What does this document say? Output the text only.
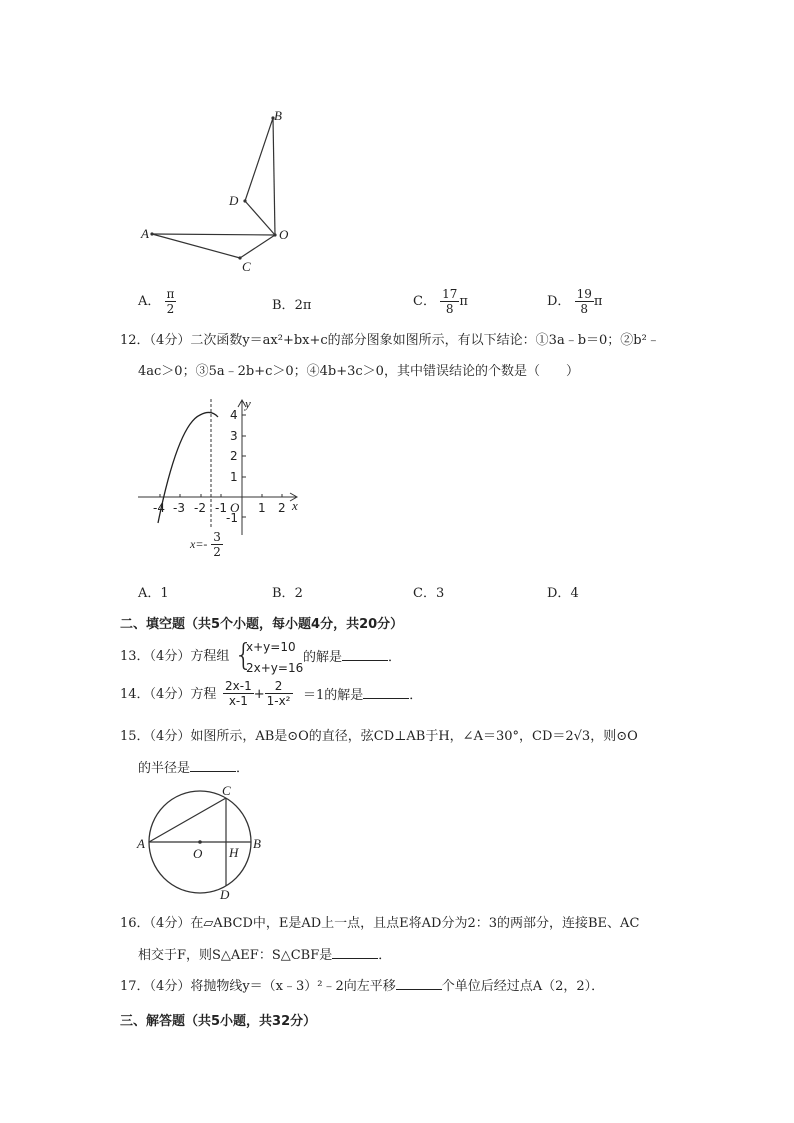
B
D
O
A
C
A． $\frac{\pi}{2}$	B．2π	C． $\frac{17}{8}$ π	D． $\frac{19}{8}$ π
12．（4分）二次函数y＝ax²+bx+c的部分图象如图所示，有以下结论：①3a﹣b＝0；②b²﹣
4ac＞0；③5a﹣2b+c＞0；④4b+3c＞0，其中错误结论的个数是（　　）
-4 -3 -2 -1	1 2 x
y
O
4
3
2
1
-1
$x=- \frac{3}{2}$
A．1	B．2	C．3	D．4
二、填空题（共5个小题，每小题4分，共20分）
13．（4分）方程组 {
x+y=10
2x+y=16
的解是	．
14．（4分）方程 $\frac{2x-1}{x-1} + \frac{2}{\text{1-x²}} =1$的解是	．
15．（4分）如图所示，AB是⊙O的直径，弦CD⊥AB于H，∠A＝30°，CD＝2√3，则⊙O
的半径是	．
C
A	B
O H
D
16．（4分）在▱ABCD中，E是AD上一点，且点E将AD分为2：3的两部分，连接BE、AC
相交于F，则S△AEF：S△CBF是	．
17．（4分）将抛物线y＝（x﹣3）²﹣2向左平移	个单位后经过点A（2，2）．
三、解答题（共5小题，共32分）
